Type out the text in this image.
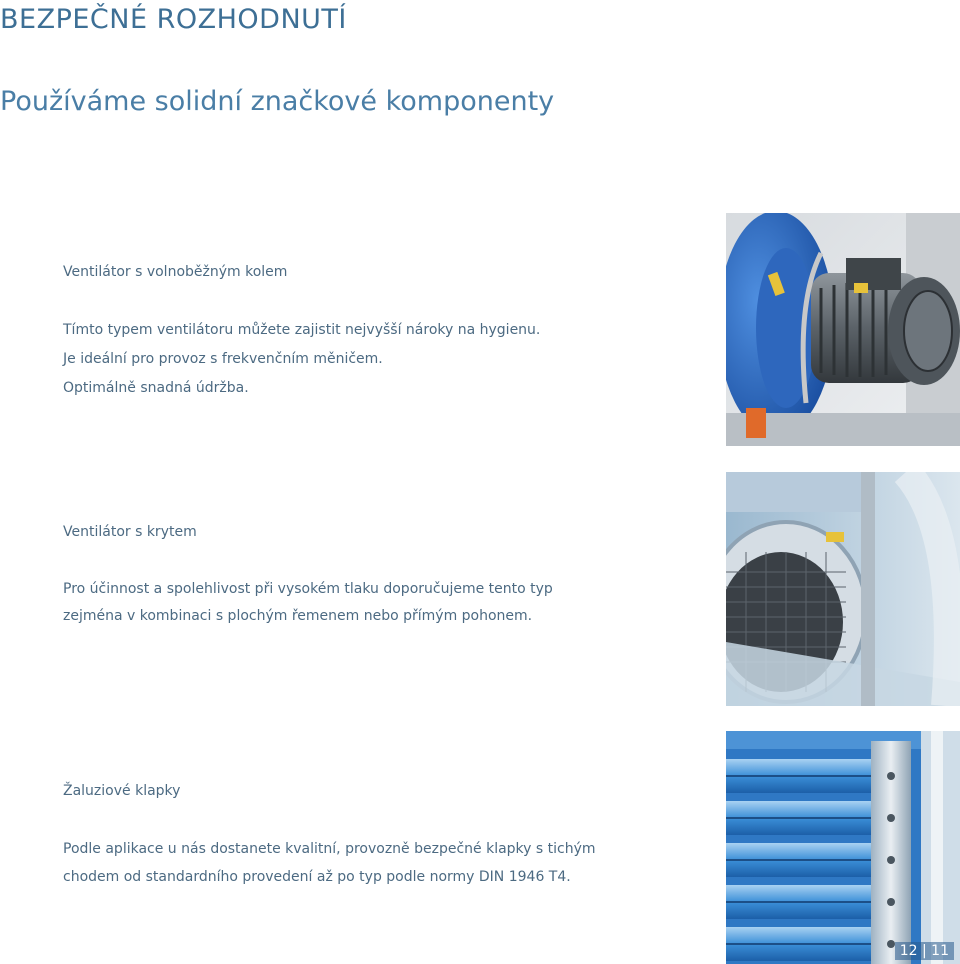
BEZPEČNÉ ROZHODNUTÍ
Používáme solidní značkové komponenty
Ventilátor s volnoběžným kolem
Tímto typem ventilátoru můžete zajistit nejvyšší nároky na hygienu.
Je ideální pro provoz s frekvenčním měničem.
Optimálně snadná údržba.
Ventilátor s krytem
Pro účinnost a spolehlivost při vysokém tlaku doporučujeme tento typ
zejména v kombinaci s plochým řemenem nebo přímým pohonem.
Žaluziové klapky
Podle aplikace u nás dostanete kvalitní, provozně bezpečné klapky s tichým
chodem od standardního provedení až po typ podle normy DIN 1946 T4.
12 | 11
